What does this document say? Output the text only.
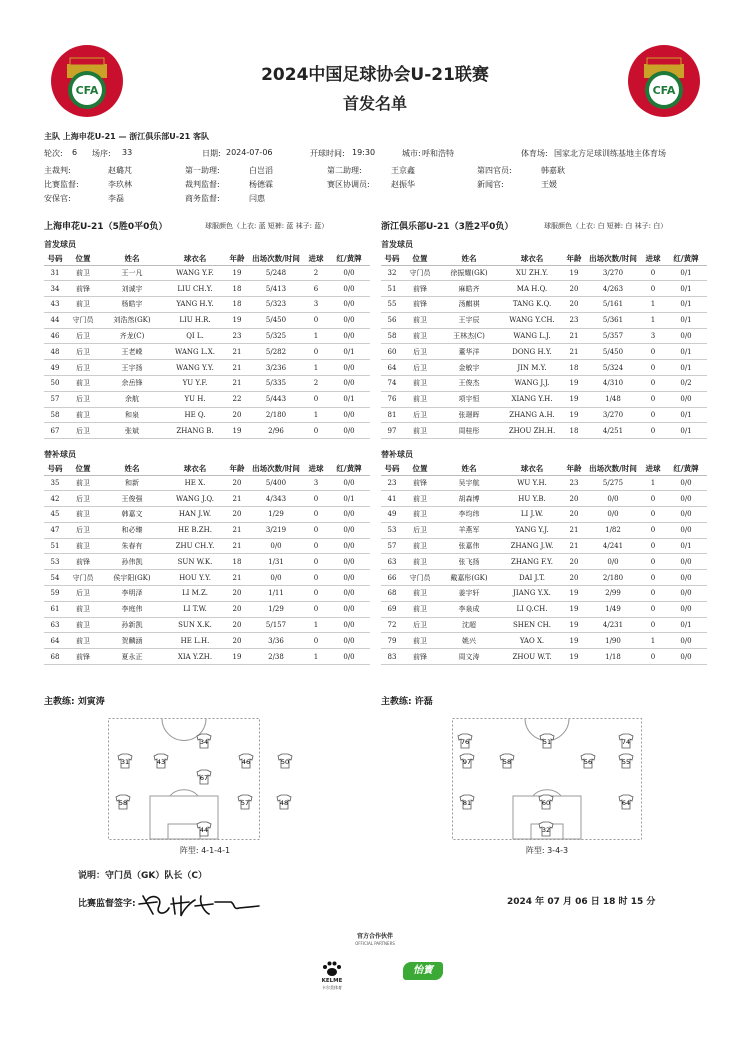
CFA	CFA
2024中国足球协会U-21联赛
首发名单
主队 上海申花U-21 — 浙江俱乐部U-21 客队
轮次: 6 场序: 33	日期: 2024-07-06	开球时间: 19:30	城市: 呼和浩特	体育场: 国家北方足球训练基地主体育场
主裁判:	赵璐芃	第一助理:	白岂滔	第二助理:	王京鑫	第四官员:	韩嘉耿
比赛监督:	李玖林	裁判监督:	杨德霖	赛区协调员:	赵振华	新闻官:	王媛
安保官:	李磊	商务监督:	闫惠
上海申花U-21（5胜0平0负）	球服颜色（上衣: 蓝 短裤: 蓝 袜子: 蓝）	浙江俱乐部U-21（3胜2平0负）	球服颜色（上衣: 白 短裤: 白 袜子: 白）
首发球员	首发球员
替补球员	替补球员
号码	位置	姓名	球衣名	年龄	出场次数/时间	进球	红/黄牌
31	前卫	王一凡	WANG Y.F.	19	5/248	2	0/0
34	前锋	刘诚宇	LIU CH.Y.	18	5/413	6	0/0
43	前卫	杨皓宇	YANG H.Y.	18	5/323	3	0/0
44	守门员	刘浩然(GK)	LIU H.R.	19	5/450	0	0/0
46	后卫	齐龙(C)	QI L.	23	5/325	1	0/0
48	后卫	王老嵘	WANG L.X.	21	5/282	0	0/1
49	后卫	王宇扬	WANG Y.Y.	21	3/236	1	0/0
50	前卫	余岳锋	YU Y.F.	21	5/335	2	0/0
57	后卫	余航	YU H.	22	5/443	0	0/1
58	前卫	和泉	HE Q.	20	2/180	1	0/0
67	后卫	张斌	ZHANG B.	19	2/96	0	0/0
号码	位置	姓名	球衣名	年龄	出场次数/时间	进球	红/黄牌
32	守门员	徐振耀(GK)	XU ZH.Y.	19	3/270	0	0/1
51	前锋	麻皓齐	MA H.Q.	20	4/263	0	0/1
55	前锋	汤麒祺	TANG K.Q.	20	5/161	1	0/1
56	前卫	王宇辰	WANG Y.CH.	23	5/361	1	0/1
58	前卫	王林杰(C)	WANG L.J.	21	5/357	3	0/0
60	后卫	董华洋	DONG H.Y.	21	5/450	0	0/1
64	后卫	金敏宇	JIN M.Y.	18	5/324	0	0/1
74	前卫	王俊杰	WANG J.J.	19	4/310	0	0/2
76	前卫	项宇恒	XIANG Y.H.	19	1/48	0	0/0
81	后卫	张璟晖	ZHANG A.H.	19	3/270	0	0/1
97	前卫	周桂彤	ZHOU ZH.H.	18	4/251	0	0/1
号码	位置	姓名	球衣名	年龄	出场次数/时间	进球	红/黄牌
35	前卫	和新	HE X.	20	5/400	3	0/0
42	后卫	王俊强	WANG J.Q.	21	4/343	0	0/1
45	前卫	韩嘉文	HAN J.W.	20	1/29	0	0/0
47	后卫	和必臻	HE B.ZH.	21	3/219	0	0/0
51	前卫	朱春有	ZHU CH.Y.	21	0/0	0	0/0
53	前锋	孙伟凯	SUN W.K.	18	1/31	0	0/0
54	守门员	侯宇阳(GK)	HOU Y.Y.	21	0/0	0	0/0
59	后卫	李明泽	LI M.Z.	20	1/11	0	0/0
61	前卫	李庭伟	LI T.W.	20	1/29	0	0/0
63	前卫	孙新凯	SUN X.K.	20	5/157	1	0/0
64	前卫	贺麟涵	HE L.H.	20	3/36	0	0/0
68	前锋	夏永正	XIA Y.ZH.	19	2/38	1	0/0
号码	位置	姓名	球衣名	年龄	出场次数/时间	进球	红/黄牌
23	前锋	吴宇航	WU Y.H.	23	5/275	1	0/0
41	前卫	胡森博	HU Y.B.	20	0/0	0	0/0
49	前卫	李均纬	LI J.W.	20	0/0	0	0/0
53	后卫	羊燕军	YANG Y.J.	21	1/82	0	0/0
57	前卫	张嘉伟	ZHANG J.W.	21	4/241	0	0/1
63	前卫	张飞扬	ZHANG F.Y.	20	0/0	0	0/0
66	守门员	戴嘉彤(GK)	DAI J.T.	20	2/180	0	0/0
68	前卫	姜宇轩	JIANG Y.X.	19	2/99	0	0/0
69	前卫	李泉成	LI Q.CH.	19	1/49	0	0/0
72	后卫	沈超	SHEN CH.	19	4/231	0	0/1
79	前卫	姚兴	YAO X.	19	1/90	1	0/0
83	前锋	周文涛	ZHOU W.T.	19	1/18	0	0/0
主教练: 刘寅涛	主教练: 许磊
34
31	43	46	50
67
58	57	48
44
76	51	74
97	58	56	55
81	60	64
32
阵型: 4-1-4-1	阵型: 3-4-3
说明：守门员（GK）队长（C）
比赛监督签字:	2024 年 07 月 06 日 18 时 15 分
官方合作伙伴
OFFICIAL PARTNERS
KELME
卡尔美体育
怡寳
